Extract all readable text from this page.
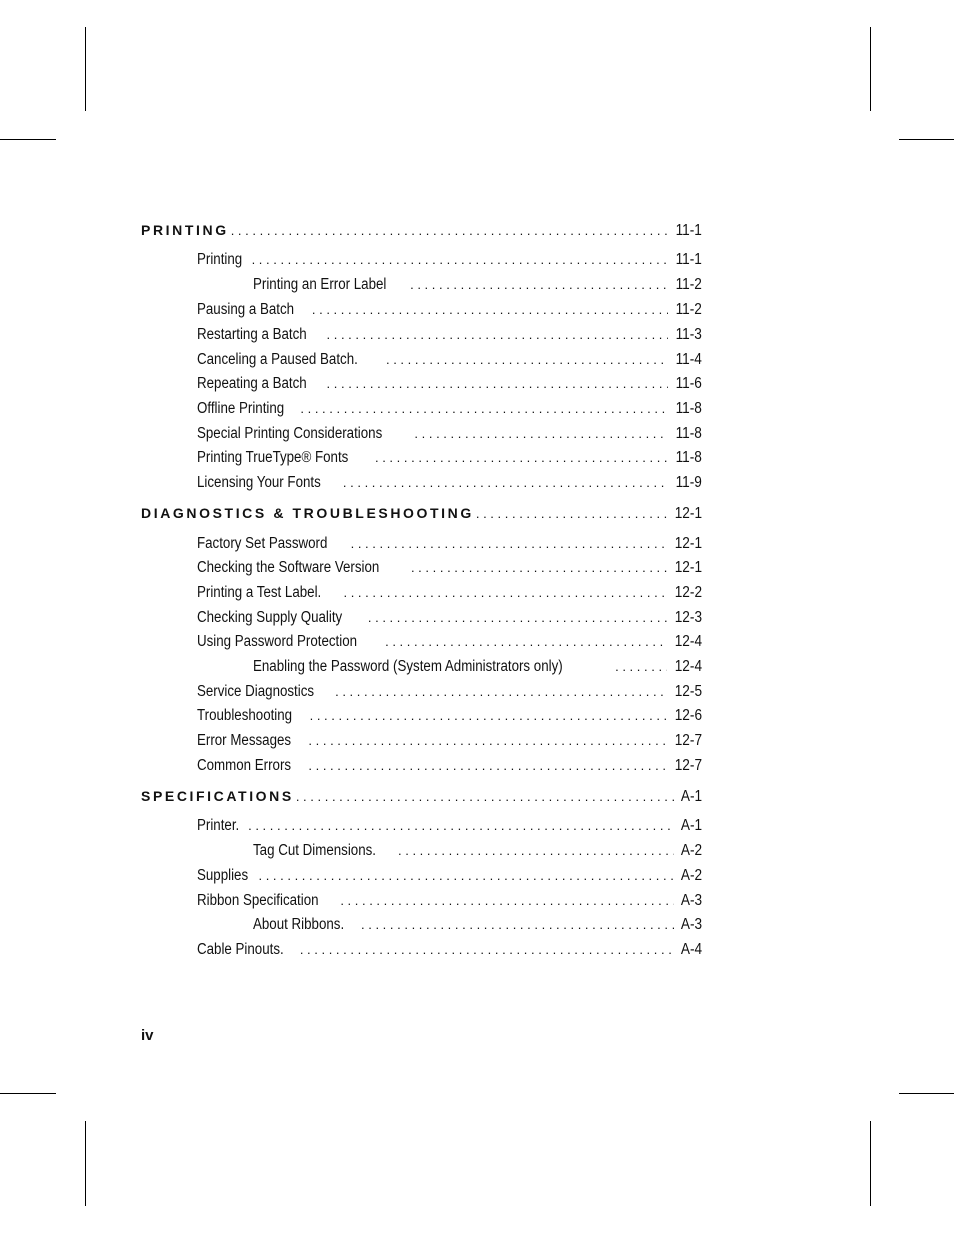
PRINTING . . .	11-1
Printing . . .	11-1
Printing an Error Label . . .	11-2
Pausing a Batch . . .	11-2
Restarting a Batch . . .	11-3
Canceling a Paused Batch. . . .	11-4
Repeating a Batch . . .	11-6
Offline Printing . . .	11-8
Special Printing Considerations . . .	11-8
Printing TrueType® Fonts . . .	11-8
Licensing Your Fonts . . .	11-9
DIAGNOSTICS & TROUBLESHOOTING . . .	12-1
Factory Set Password . . .	12-1
Checking the Software Version . . .	12-1
Printing a Test Label. . . .	12-2
Checking Supply Quality . . .	12-3
Using Password Protection . . .	12-4
Enabling the Password (System Administrators only) . . .	12-4
Service Diagnostics . . .	12-5
Troubleshooting . . .	12-6
Error Messages . . .	12-7
Common Errors . . .	12-7
SPECIFICATIONS . . .	A-1
Printer. . . .	A-1
Tag Cut Dimensions. . . .	A-2
Supplies . . .	A-2
Ribbon Specification . . .	A-3
About Ribbons. . . .	A-3
Cable Pinouts. . . .	A-4
iv
